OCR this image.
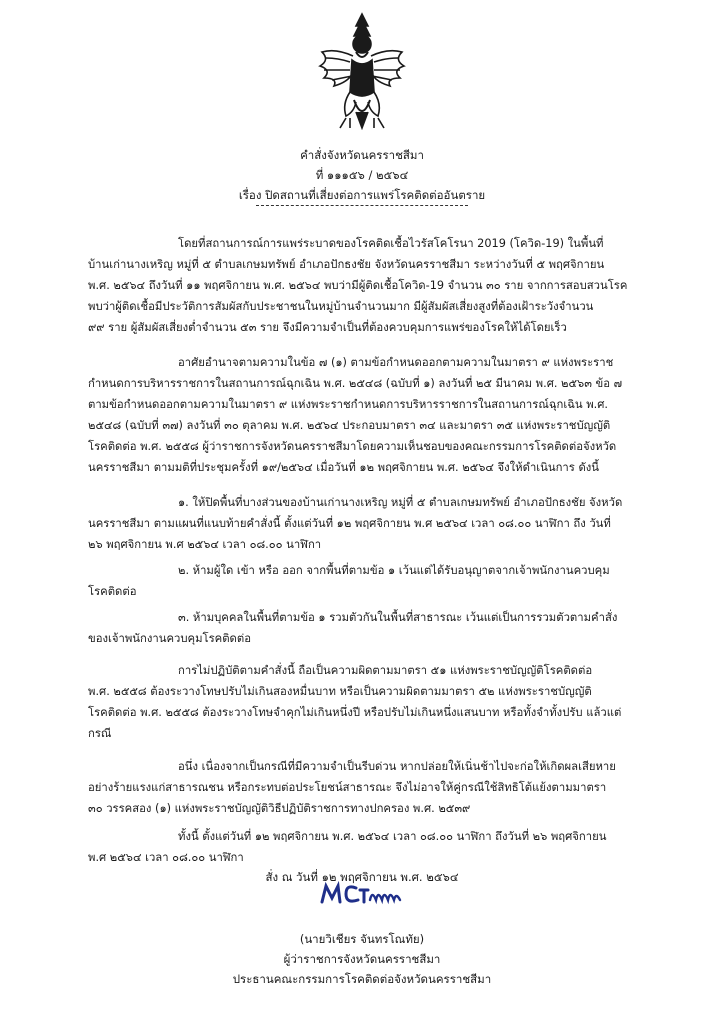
คำสั่งจังหวัดนครราชสีมา
ที่ ๑๑๑๕๖ / ๒๕๖๔
เรื่อง ปิดสถานที่เสี่ยงต่อการแพร่โรคติดต่ออันตราย
โดยที่สถานการณ์การแพร่ระบาดของโรคติดเชื้อไวรัสโคโรนา 2019 (โควิด-19) ในพื้นที่
บ้านเก่านางเหริญ หมู่ที่ ๕ ตำบลเกษมทรัพย์ อำเภอปักธงชัย จังหวัดนครราชสีมา ระหว่างวันที่ ๕ พฤศจิกายน
พ.ศ. ๒๕๖๔ ถึงวันที่ ๑๑ พฤศจิกายน พ.ศ. ๒๕๖๔ พบว่ามีผู้ติดเชื้อโควิด-19 จำนวน ๓๐ ราย จากการสอบสวนโรค
พบว่าผู้ติดเชื้อมีประวัติการสัมผัสกับประชาชนในหมู่บ้านจำนวนมาก มีผู้สัมผัสเสี่ยงสูงที่ต้องเฝ้าระวังจำนวน
๙๙ ราย ผู้สัมผัสเสี่ยงต่ำจำนวน ๕๓ ราย จึงมีความจำเป็นที่ต้องควบคุมการแพร่ของโรคให้ได้โดยเร็ว
อาศัยอำนาจตามความในข้อ ๗ (๑) ตามข้อกำหนดออกตามความในมาตรา ๙ แห่งพระราช
กำหนดการบริหารราชการในสถานการณ์ฉุกเฉิน พ.ศ. ๒๕๔๘ (ฉบับที่ ๑) ลงวันที่ ๒๕ มีนาคม พ.ศ. ๒๕๖๓ ข้อ ๗
ตามข้อกำหนดออกตามความในมาตรา ๙ แห่งพระราชกำหนดการบริหารราชการในสถานการณ์ฉุกเฉิน พ.ศ.
๒๕๔๘ (ฉบับที่ ๓๗) ลงวันที่ ๓๐ ตุลาคม พ.ศ. ๒๕๖๔ ประกอบมาตรา ๓๔ และมาตรา ๓๕ แห่งพระราชบัญญัติ
โรคติดต่อ พ.ศ. ๒๕๕๘ ผู้ว่าราชการจังหวัดนครราชสีมาโดยความเห็นชอบของคณะกรรมการโรคติดต่อจังหวัด
นครราชสีมา ตามมติที่ประชุมครั้งที่ ๑๙/๒๕๖๔ เมื่อวันที่ ๑๒ พฤศจิกายน พ.ศ. ๒๕๖๔ จึงให้ดำเนินการ ดังนี้
๑. ให้ปิดพื้นที่บางส่วนของบ้านเก่านางเหริญ หมู่ที่ ๕ ตำบลเกษมทรัพย์ อำเภอปักธงชัย จังหวัด
นครราชสีมา ตามแผนที่แนบท้ายคำสั่งนี้ ตั้งแต่วันที่ ๑๒ พฤศจิกายน พ.ศ ๒๕๖๔ เวลา ๐๘.๐๐ นาฬิกา ถึง วันที่
๒๖ พฤศจิกายน พ.ศ ๒๕๖๔ เวลา ๐๘.๐๐ นาฬิกา
๒. ห้ามผู้ใด เข้า หรือ ออก จากพื้นที่ตามข้อ ๑ เว้นแต่ได้รับอนุญาตจากเจ้าพนักงานควบคุม
โรคติดต่อ
๓. ห้ามบุคคลในพื้นที่ตามข้อ ๑ รวมตัวกันในพื้นที่สาธารณะ เว้นแต่เป็นการรวมตัวตามคำสั่ง
ของเจ้าพนักงานควบคุมโรคติดต่อ
การไม่ปฏิบัติตามคำสั่งนี้ ถือเป็นความผิดตามมาตรา ๕๑ แห่งพระราชบัญญัติโรคติดต่อ
พ.ศ. ๒๕๕๘ ต้องระวางโทษปรับไม่เกินสองหมื่นบาท หรือเป็นความผิดตามมาตรา ๕๒ แห่งพระราชบัญญัติ
โรคติดต่อ พ.ศ. ๒๕๕๘ ต้องระวางโทษจำคุกไม่เกินหนึ่งปี หรือปรับไม่เกินหนึ่งแสนบาท หรือทั้งจำทั้งปรับ แล้วแต่
กรณี
อนึ่ง เนื่องจากเป็นกรณีที่มีความจำเป็นรีบด่วน หากปล่อยให้เนิ่นช้าไปจะก่อให้เกิดผลเสียหาย
อย่างร้ายแรงแก่สาธารณชน หรือกระทบต่อประโยชน์สาธารณะ จึงไม่อาจให้คู่กรณีใช้สิทธิโต้แย้งตามมาตรา
๓๐ วรรคสอง (๑) แห่งพระราชบัญญัติวิธีปฏิบัติราชการทางปกครอง พ.ศ. ๒๕๓๙
ทั้งนี้ ตั้งแต่วันที่ ๑๒ พฤศจิกายน พ.ศ. ๒๕๖๔ เวลา ๐๘.๐๐ นาฬิกา ถึงวันที่ ๒๖ พฤศจิกายน
พ.ศ ๒๕๖๔ เวลา ๐๘.๐๐ นาฬิกา
สั่ง ณ วันที่ ๑๒ พฤศจิกายน พ.ศ. ๒๕๖๔
(นายวิเชียร จันทรโณทัย)
ผู้ว่าราชการจังหวัดนครราชสีมา
ประธานคณะกรรมการโรคติดต่อจังหวัดนครราชสีมา
